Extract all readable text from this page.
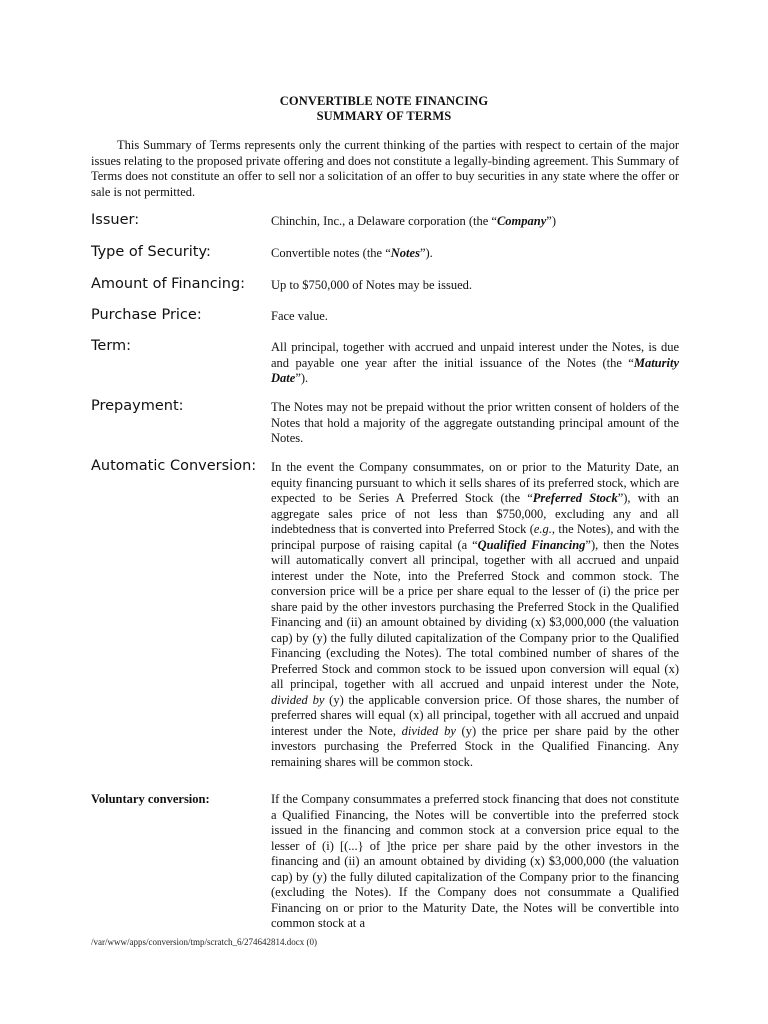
CONVERTIBLE NOTE FINANCING
SUMMARY OF TERMS

This Summary of Terms represents only the current thinking of the parties with respect to certain of the major issues relating to the proposed private offering and does not constitute a legally-binding agreement. This Summary of Terms does not constitute an offer to sell nor a solicitation of an offer to buy securities in any state where the offer or sale is not permitted.

Issuer:	Chinchin, Inc., a Delaware corporation (the “Company”)

Type of Security:	Convertible notes (the “Notes”).

Amount of Financing: Up to $750,000 of Notes may be issued.

Purchase Price:	Face value.

Term:	All principal, together with accrued and unpaid interest under the Notes, is due and payable one year after the initial issuance of the Notes (the “Maturity Date”).

Prepayment:	The Notes may not be prepaid without the prior written consent of holders of the Notes that hold a majority of the aggregate outstanding principal amount of the Notes.

Automatic Conversion: In the event the Company consummates, on or prior to the Maturity Date, an equity financing pursuant to which it sells shares of its preferred stock, which are expected to be Series A Preferred Stock (the “Preferred Stock”), with an aggregate sales price of not less than $750,000, excluding any and all indebtedness that is converted into Preferred Stock (e.g., the Notes), and with the principal purpose of raising capital (a “Qualified Financing”), then the Notes will automatically convert all principal, together with all accrued and unpaid interest under the Note, into the Preferred Stock and common stock. The conversion price will be a price per share equal to the lesser of (i) the price per share paid by the other investors purchasing the Preferred Stock in the Qualified Financing and (ii) an amount obtained by dividing (x) $3,000,000 (the valuation cap) by (y) the fully diluted capitalization of the Company prior to the Qualified Financing (excluding the Notes). The total combined number of shares of the Preferred Stock and common stock to be issued upon conversion will equal (x) all principal, together with all accrued and unpaid interest under the Note, divided by (y) the applicable conversion price. Of those shares, the number of preferred shares will equal (x) all principal, together with all accrued and unpaid interest under the Note, divided by (y) the price per share paid by the other investors purchasing the Preferred Stock in the Qualified Financing. Any remaining shares will be common stock.

Voluntary conversion:	If the Company consummates a preferred stock financing that does not constitute a Qualified Financing, the Notes will be convertible into the preferred stock issued in the financing and common stock at a conversion price equal to the lesser of (i) [(...} of ]the price per share paid by the other investors in the financing and (ii) an amount obtained by dividing (x) $3,000,000 (the valuation cap) by (y) the fully diluted capitalization of the Company prior to the financing (excluding the Notes). If the Company does not consummate a Qualified Financing on or prior to the Maturity Date, the Notes will be convertible into common stock at a

/var/www/apps/conversion/tmp/scratch_6/274642814.docx (0)
